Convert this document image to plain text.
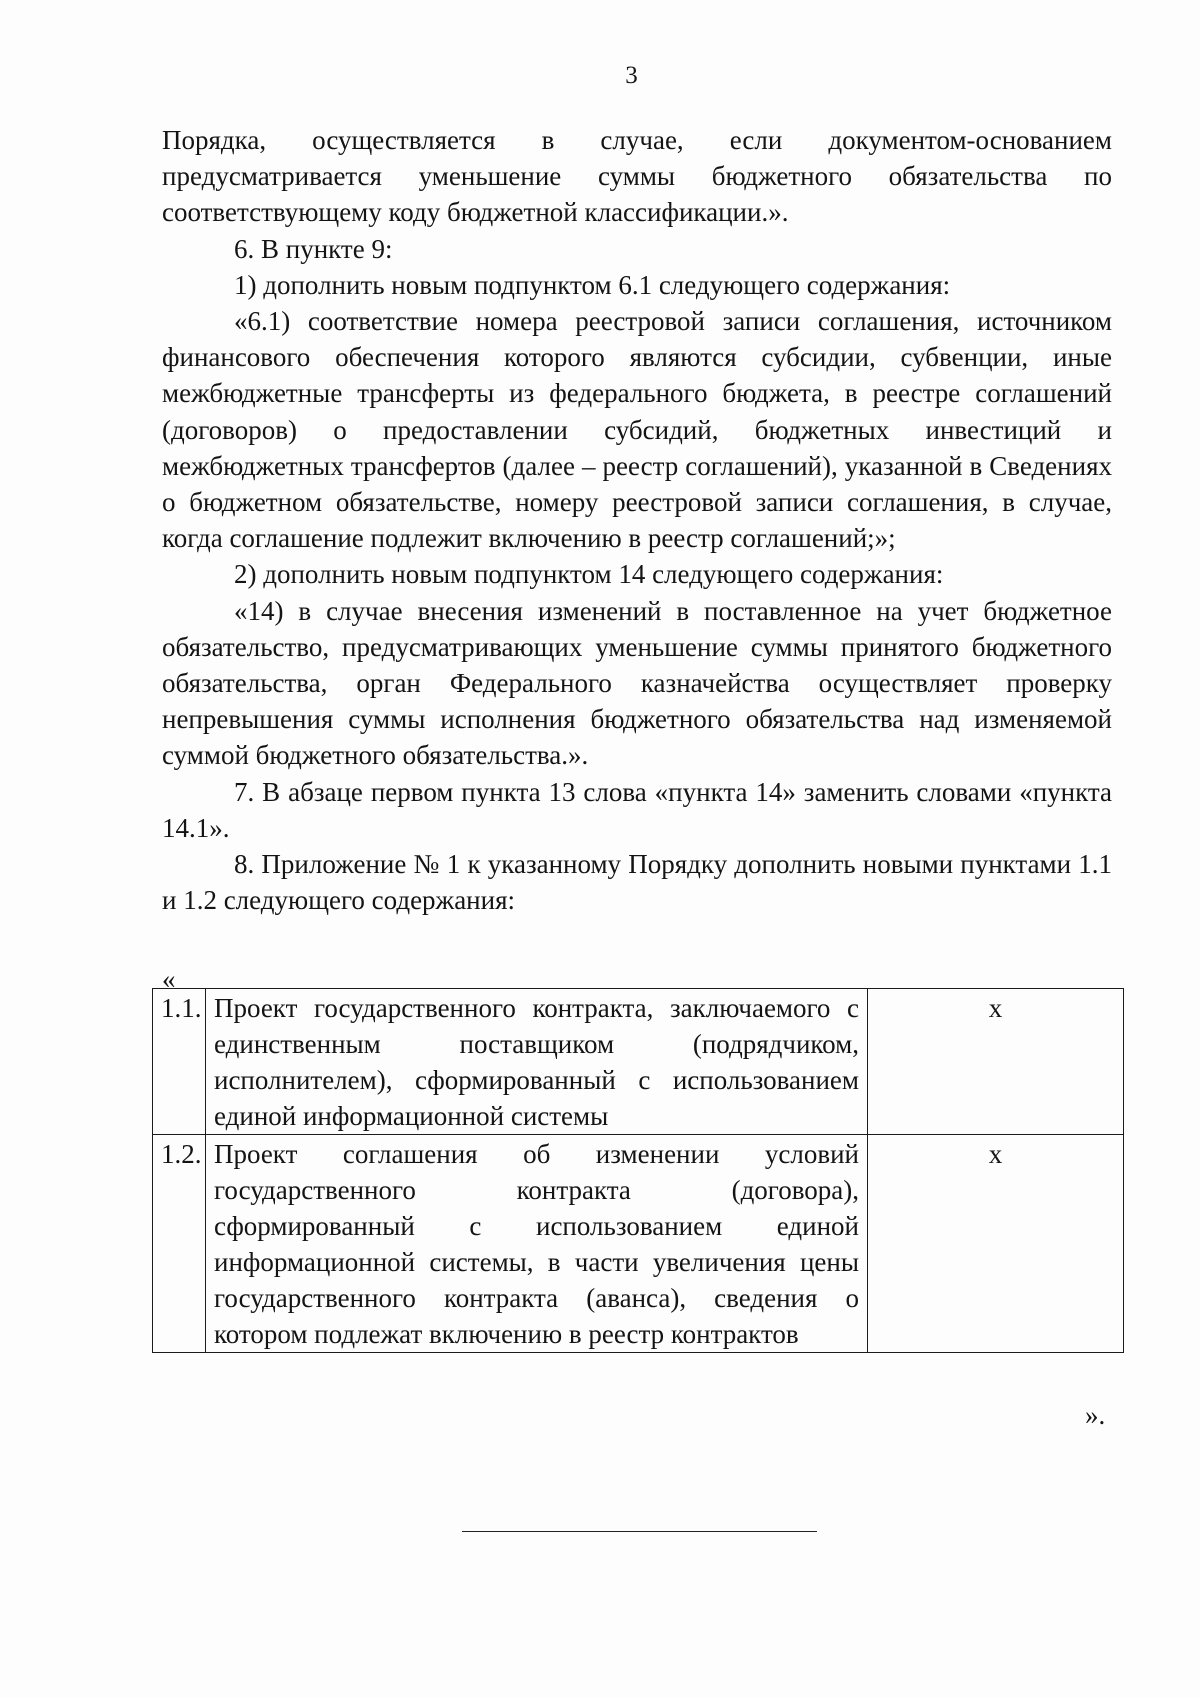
3

Порядка, осуществляется в случае, если документом-основанием предусматривается уменьшение суммы бюджетного обязательства по соответствующему коду бюджетной классификации.».

6. В пункте 9:

1) дополнить новым подпунктом 6.1 следующего содержания:

«6.1) соответствие номера реестровой записи соглашения, источником финансового обеспечения которого являются субсидии, субвенции, иные межбюджетные трансферты из федерального бюджета, в реестре соглашений (договоров) о предоставлении субсидий, бюджетных инвестиций и межбюджетных трансфертов (далее – реестр соглашений), указанной в Сведениях о бюджетном обязательстве, номеру реестровой записи соглашения, в случае, когда соглашение подлежит включению в реестр соглашений;»;

2) дополнить новым подпунктом 14 следующего содержания:

«14) в случае внесения изменений в поставленное на учет бюджетное обязательство, предусматривающих уменьшение суммы принятого бюджетного обязательства, орган Федерального казначейства осуществляет проверку непревышения суммы исполнения бюджетного обязательства над изменяемой суммой бюджетного обязательства.».

7. В абзаце первом пункта 13 слова «пункта 14» заменить словами «пункта 14.1».

8. Приложение № 1 к указанному Порядку дополнить новыми пунктами 1.1 и 1.2 следующего содержания:

«
1.1.	Проект государственного контракта, заключаемого с единственным поставщиком (подрядчиком, исполнителем), сформированный с использованием единой информационной системы	х
1.2.	Проект соглашения об изменении условий государственного контракта (договора), сформированный с использованием единой информационной системы, в части увеличения цены государственного контракта (аванса), сведения о котором подлежат включению в реестр контрактов	х
».
